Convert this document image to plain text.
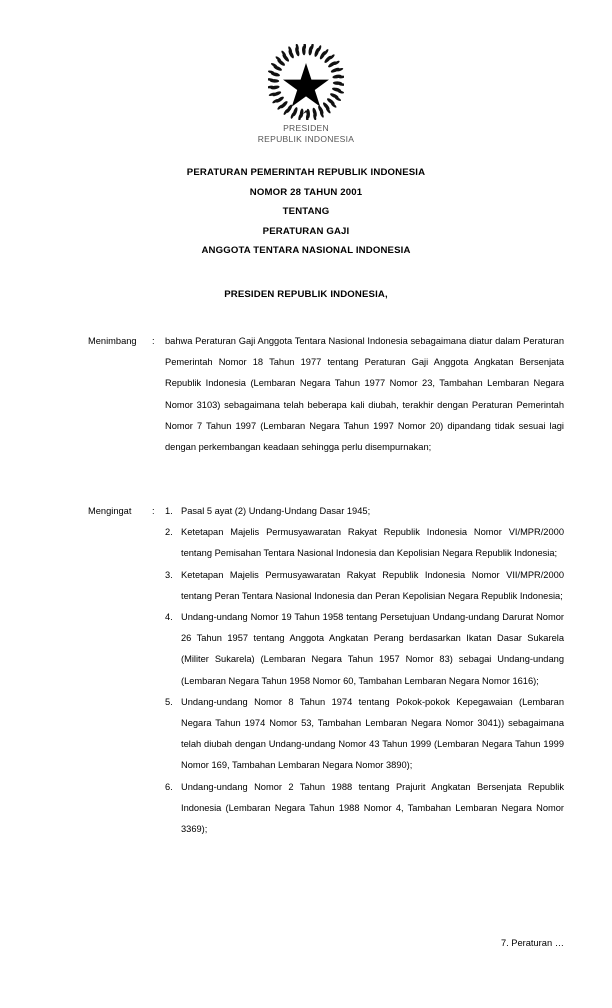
PRESIDEN
REPUBLIK INDONESIA
PERATURAN PEMERINTAH REPUBLIK INDONESIA
NOMOR 28 TAHUN 2001
TENTANG
PERATURAN GAJI
ANGGOTA TENTARA NASIONAL INDONESIA
PRESIDEN REPUBLIK INDONESIA,
Menimbang	:	bahwa Peraturan Gaji Anggota Tentara Nasional Indonesia sebagaimana diatur dalam Peraturan Pemerintah Nomor 18 Tahun 1977 tentang Peraturan Gaji Anggota Angkatan Bersenjata Republik Indonesia (Lembaran Negara Tahun 1977 Nomor 23, Tambahan Lembaran Negara Nomor 3103) sebagaimana telah beberapa kali diubah, terakhir dengan Peraturan Pemerintah Nomor 7 Tahun 1997 (Lembaran Negara Tahun 1997 Nomor 20) dipandang tidak sesuai lagi dengan perkembangan keadaan sehingga perlu disempurnakan;

Mengingat	:	1. Pasal 5 ayat (2) Undang-Undang Dasar 1945;
2. Ketetapan Majelis Permusyawaratan Rakyat Republik Indonesia Nomor VI/MPR/2000 tentang Pemisahan Tentara Nasional Indonesia dan Kepolisian Negara Republik Indonesia;
3. Ketetapan Majelis Permusyawaratan Rakyat Republik Indonesia Nomor VII/MPR/2000 tentang Peran Tentara Nasional Indonesia dan Peran Kepolisian Negara Republik Indonesia;
4. Undang-undang Nomor 19 Tahun 1958 tentang Persetujuan Undang-undang Darurat Nomor 26 Tahun 1957 tentang Anggota Angkatan Perang berdasarkan Ikatan Dasar Sukarela (Militer Sukarela) (Lembaran Negara Tahun 1957 Nomor 83) sebagai Undang-undang (Lembaran Negara Tahun 1958 Nomor 60, Tambahan Lembaran Negara Nomor 1616);
5. Undang-undang Nomor 8 Tahun 1974 tentang Pokok-pokok Kepegawaian (Lembaran Negara Tahun 1974 Nomor 53, Tambahan Lembaran Negara Nomor 3041)) sebagaimana telah diubah dengan Undang-undang Nomor 43 Tahun 1999 (Lembaran Negara Tahun 1999 Nomor 169, Tambahan Lembaran Negara Nomor 3890);
6. Undang-undang Nomor 2 Tahun 1988 tentang Prajurit Angkatan Bersenjata Republik Indonesia (Lembaran Negara Tahun 1988 Nomor 4, Tambahan Lembaran Negara Nomor 3369);
7. Peraturan …
